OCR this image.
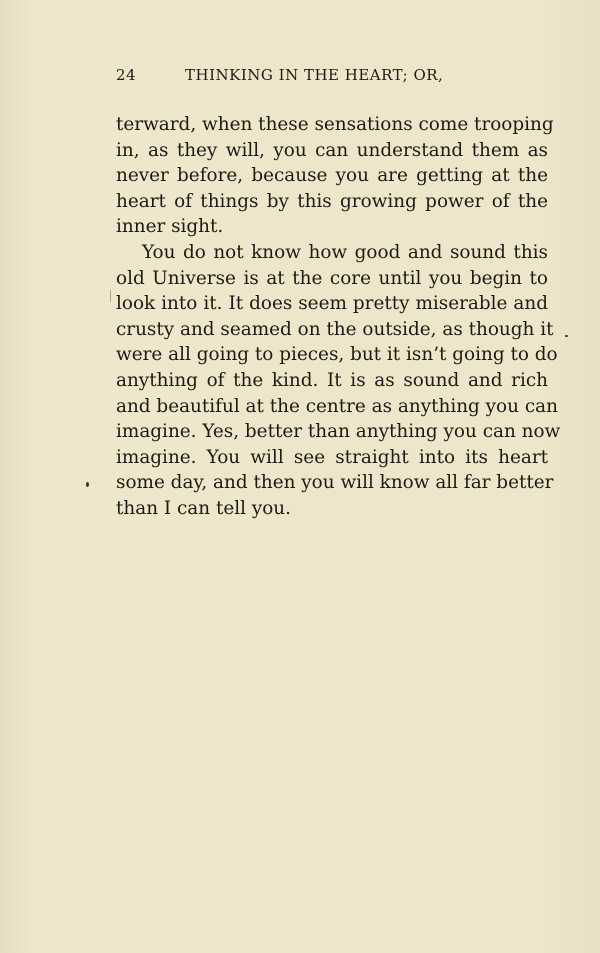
24	THINKING IN THE HEART; OR,
terward, when these sensations come trooping
in, as they will, you can understand them as
never before, because you are getting at the
heart of things by this growing power of the
inner sight.
You do not know how good and sound this
old Universe is at the core until you begin to
look into it. It does seem pretty miserable and
crusty and seamed on the outside, as though it
were all going to pieces, but it isn’t going to do
anything of the kind. It is as sound and rich
and beautiful at the centre as anything you can
imagine. Yes, better than anything you can now
imagine. You will see straight into its heart
some day, and then you will know all far better
than I can tell you.
